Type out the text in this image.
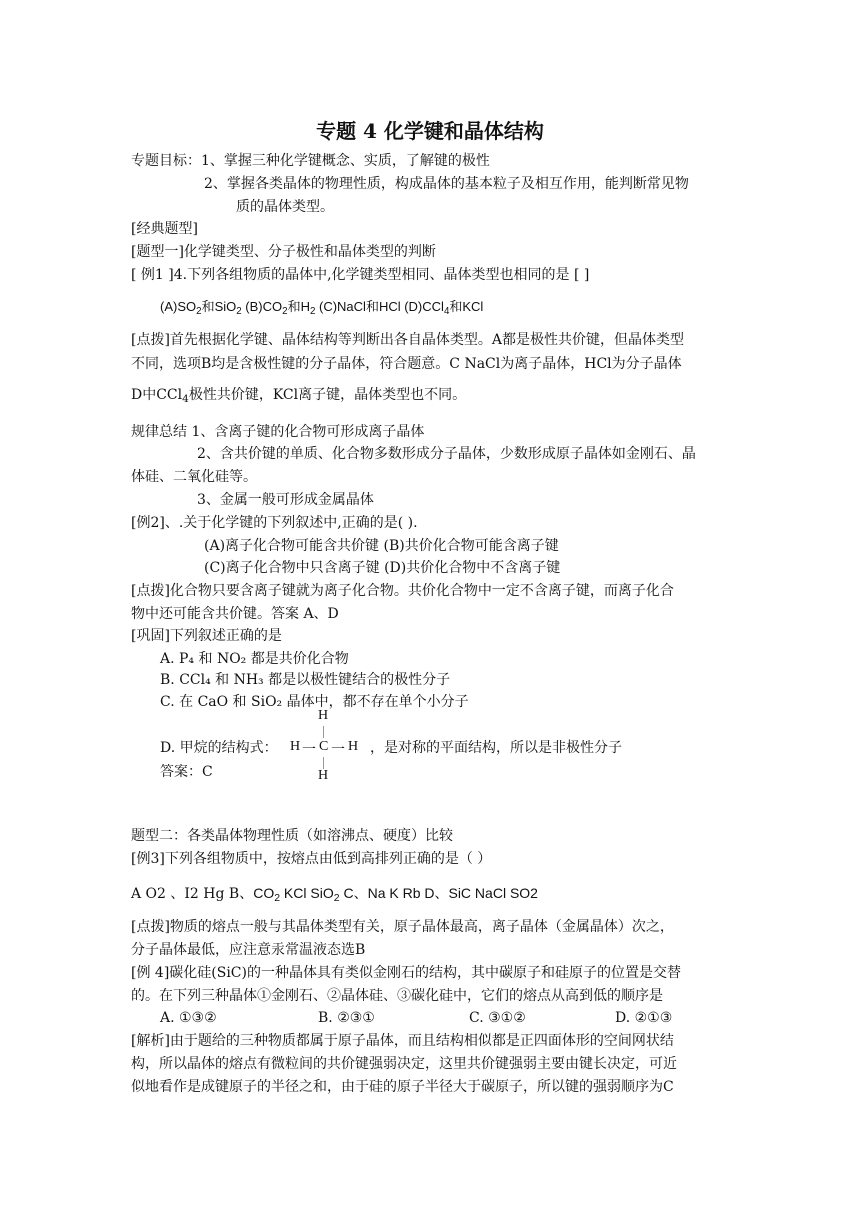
专题 4 化学键和晶体结构
专题目标：1、掌握三种化学键概念、实质，了解键的极性
2、掌握各类晶体的物理性质，构成晶体的基本粒子及相互作用，能判断常见物
质的晶体类型。
[经典题型]
[题型一]化学键类型、分子极性和晶体类型的判断
[ 例1 ]4.下列各组物质的晶体中,化学键类型相同、晶体类型也相同的是 [ ]
$(A)SO_2$和SiO$_2$ $(B)CO_2$和$H_2$ (C)NaCl和HCl (D)CCl$_4$和KCl
[点拨]首先根据化学键、晶体结构等判断出各自晶体类型。A都是极性共价键，但晶体类型
不同，选项B均是含极性键的分子晶体，符合题意。C NaCl为离子晶体，HCl为分子晶体
D中CCl$_4$极性共价键，KCl离子键，晶体类型也不同。
规律总结 1、含离子键的化合物可形成离子晶体
2、含共价键的单质、化合物多数形成分子晶体，少数形成原子晶体如金刚石、晶
体硅、二氧化硅等。
3、金属一般可形成金属晶体
[例2]、.关于化学键的下列叙述中,正确的是( ).
(A)离子化合物可能含共价键 (B)共价化合物可能含离子键
(C)离子化合物中只含离子键 (D)共价化合物中不含离子键
[点拨]化合物只要含离子键就为离子化合物。共价化合物中一定不含离子键，而离子化合
物中还可能含共价键。答案 A、D
[巩固]下列叙述正确的是
A. P₄ 和 NO₂ 都是共价化合物
B. CCl₄ 和 NH₃ 都是以极性键结合的极性分子
C. 在 CaO 和 SiO₂ 晶体中，都不存在单个小分子
D. 甲烷的结构式：
H
H 一 C 一 H
H
，是对称的平面结构，所以是非极性分子
答案：C
题型二：各类晶体物理性质（如溶沸点、硬度）比较
[例3]下列各组物质中，按熔点由低到高排列正确的是（ ）
A O2 、I2 Hg B、$CO_2$ KCl SiO$_2$ C、Na K Rb D、SiC NaCl SO2
[点拨]物质的熔点一般与其晶体类型有关，原子晶体最高，离子晶体（金属晶体）次之，
分子晶体最低，应注意汞常温液态选B
[例 4]碳化硅(SiC)的一种晶体具有类似金刚石的结构，其中碳原子和硅原子的位置是交替
的。在下列三种晶体①金刚石、②晶体硅、③碳化硅中，它们的熔点从高到低的顺序是
A. ①③②	B. ②③①	C. ③①②	D. ②①③
[解析]由于题给的三种物质都属于原子晶体，而且结构相似都是正四面体形的空间网状结
构，所以晶体的熔点有微粒间的共价键强弱决定，这里共价键强弱主要由键长决定，可近
似地看作是成键原子的半径之和，由于硅的原子半径大于碳原子，所以键的强弱顺序为C
